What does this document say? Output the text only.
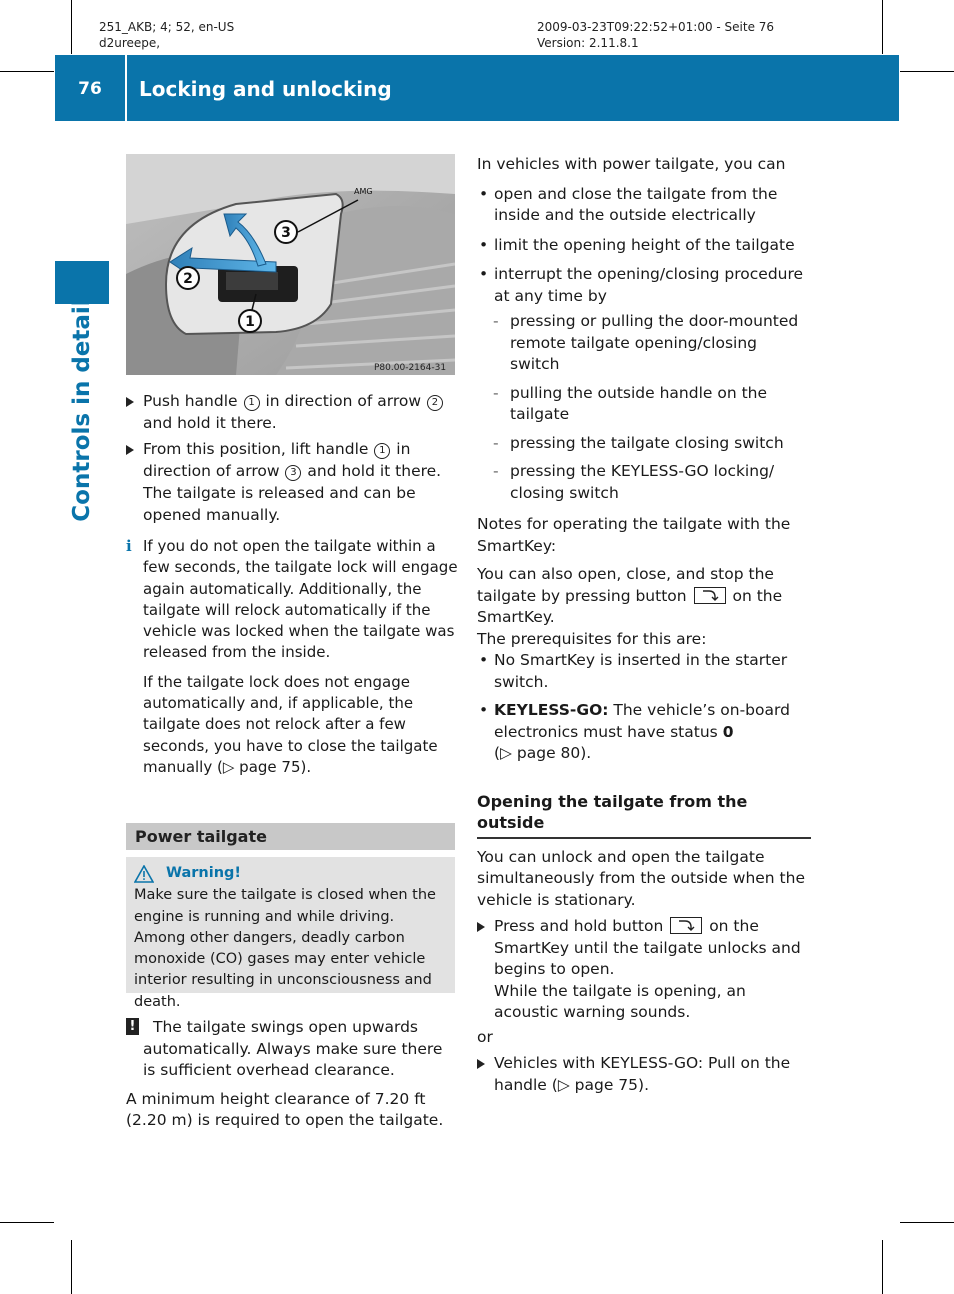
251_AKB; 4; 52, en-US
d2ureepe,
2009-03-23T09:22:52+01:00 - Seite 76
Version: 2.11.8.1
76	Locking and unlocking
Controls in detail
AMG
1
2
3
P80.00-2164-31
Push handle 1 in direction of arrow 2 and hold it there.
From this position, lift handle 1 in direction of arrow 3 and hold it there.

The tailgate is released and can be opened manually.

i If you do not open the tailgate within a few seconds, the tailgate lock will engage again automatically. Additionally, the tailgate will relock automatically if the vehicle was locked when the tailgate was released from the inside.

If the tailgate lock does not engage automatically and, if applicable, the tailgate does not relock after a few seconds, you have to close the tailgate manually (▷ page 75).

Power tailgate
Warning!
Make sure the tailgate is closed when the engine is running and while driving. Among other dangers, deadly carbon monoxide (CO) gases may enter vehicle interior resulting in unconsciousness and death.
!	The tailgate swings open upwards automatically. Always make sure there is sufficient overhead clearance.

A minimum height clearance of 7.20 ft (2.20 m) is required to open the tailgate.

In vehicles with power tailgate, you can

• open and close the tailgate from the inside and the outside electrically
• limit the opening height of the tailgate
• interrupt the opening/closing procedure at any time by
- pressing or pulling the door-mounted remote tailgate opening/closing switch
- pulling the outside handle on the tailgate
- pressing the tailgate closing switch
- pressing the KEYLESS-GO locking/ closing switch

Notes for operating the tailgate with the SmartKey:

You can also open, close, and stop the tailgate by pressing button	on the SmartKey.

The prerequisites for this are:

• No SmartKey is inserted in the starter switch.
• KEYLESS-GO: The vehicle’s on-board electronics must have status 0
(▷ page 80).
Opening the tailgate from the outside

You can unlock and open the tailgate simultaneously from the outside when the vehicle is stationary.

Press and hold button	on the SmartKey until the tailgate unlocks and begins to open.

While the tailgate is opening, an acoustic warning sounds.

or

Vehicles with KEYLESS-GO: Pull on the handle (▷ page 75).
